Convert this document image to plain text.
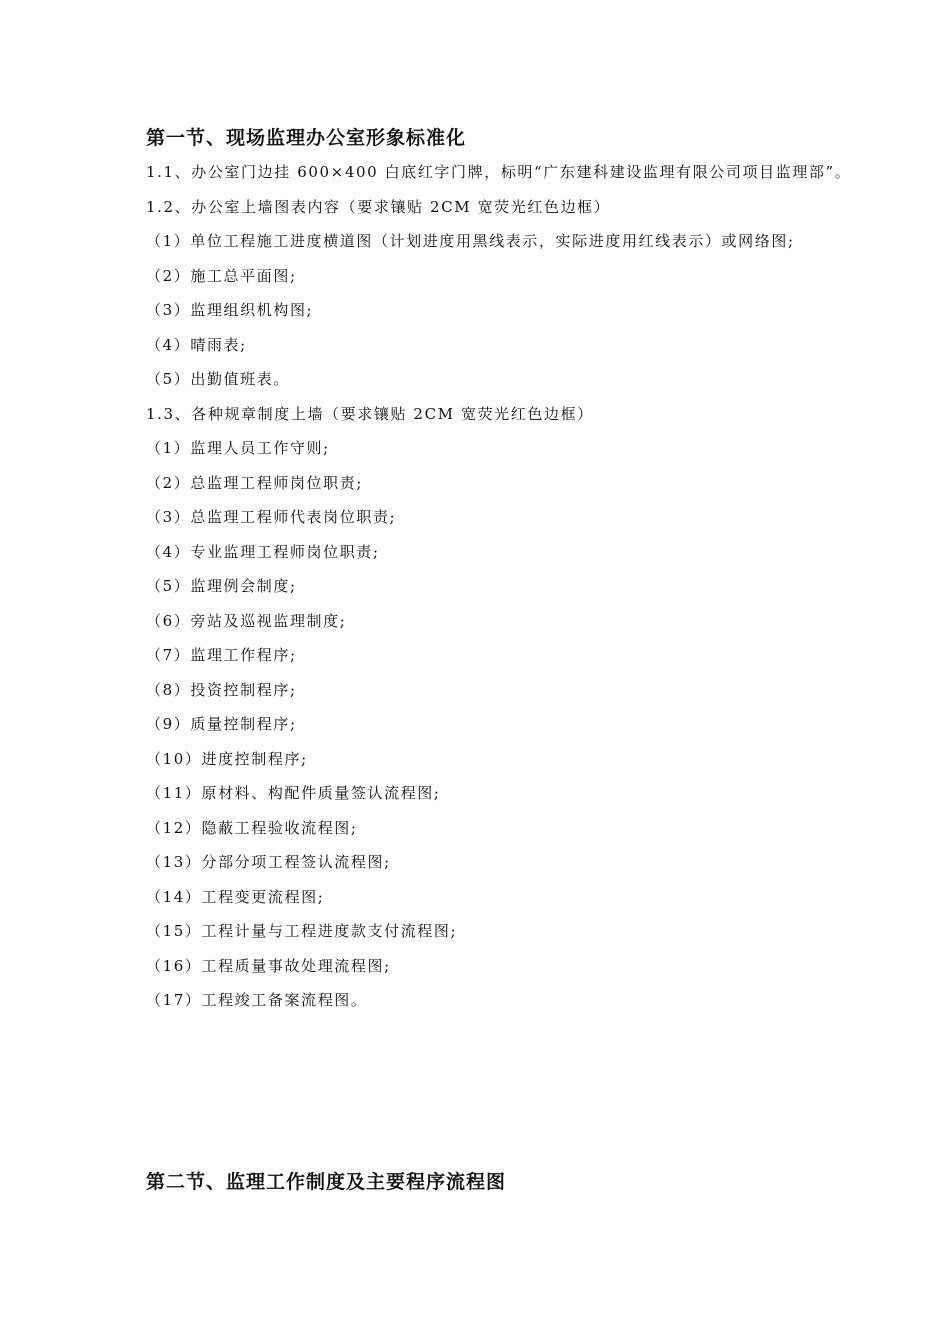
第一节、现场监理办公室形象标准化
1.1、办公室门边挂 600×400 白底红字门牌，标明“广东建科建设监理有限公司项目监理部”。
1.2、办公室上墙图表内容（要求镶贴 2CM 宽荧光红色边框）
（1）单位工程施工进度横道图（计划进度用黑线表示，实际进度用红线表示）或网络图;
（2）施工总平面图;
（3）监理组织机构图;
（4）晴雨表;
（5）出勤值班表。
1.3、各种规章制度上墙（要求镶贴 2CM 宽荧光红色边框）
（1）监理人员工作守则;
（2）总监理工程师岗位职责;
（3）总监理工程师代表岗位职责;
（4）专业监理工程师岗位职责;
（5）监理例会制度;
（6）旁站及巡视监理制度;
（7）监理工作程序;
（8）投资控制程序;
（9）质量控制程序;
（10）进度控制程序;
（11）原材料、构配件质量签认流程图;
（12）隐蔽工程验收流程图;
（13）分部分项工程签认流程图;
（14）工程变更流程图;
（15）工程计量与工程进度款支付流程图;
（16）工程质量事故处理流程图;
（17）工程竣工备案流程图。
第二节、监理工作制度及主要程序流程图
